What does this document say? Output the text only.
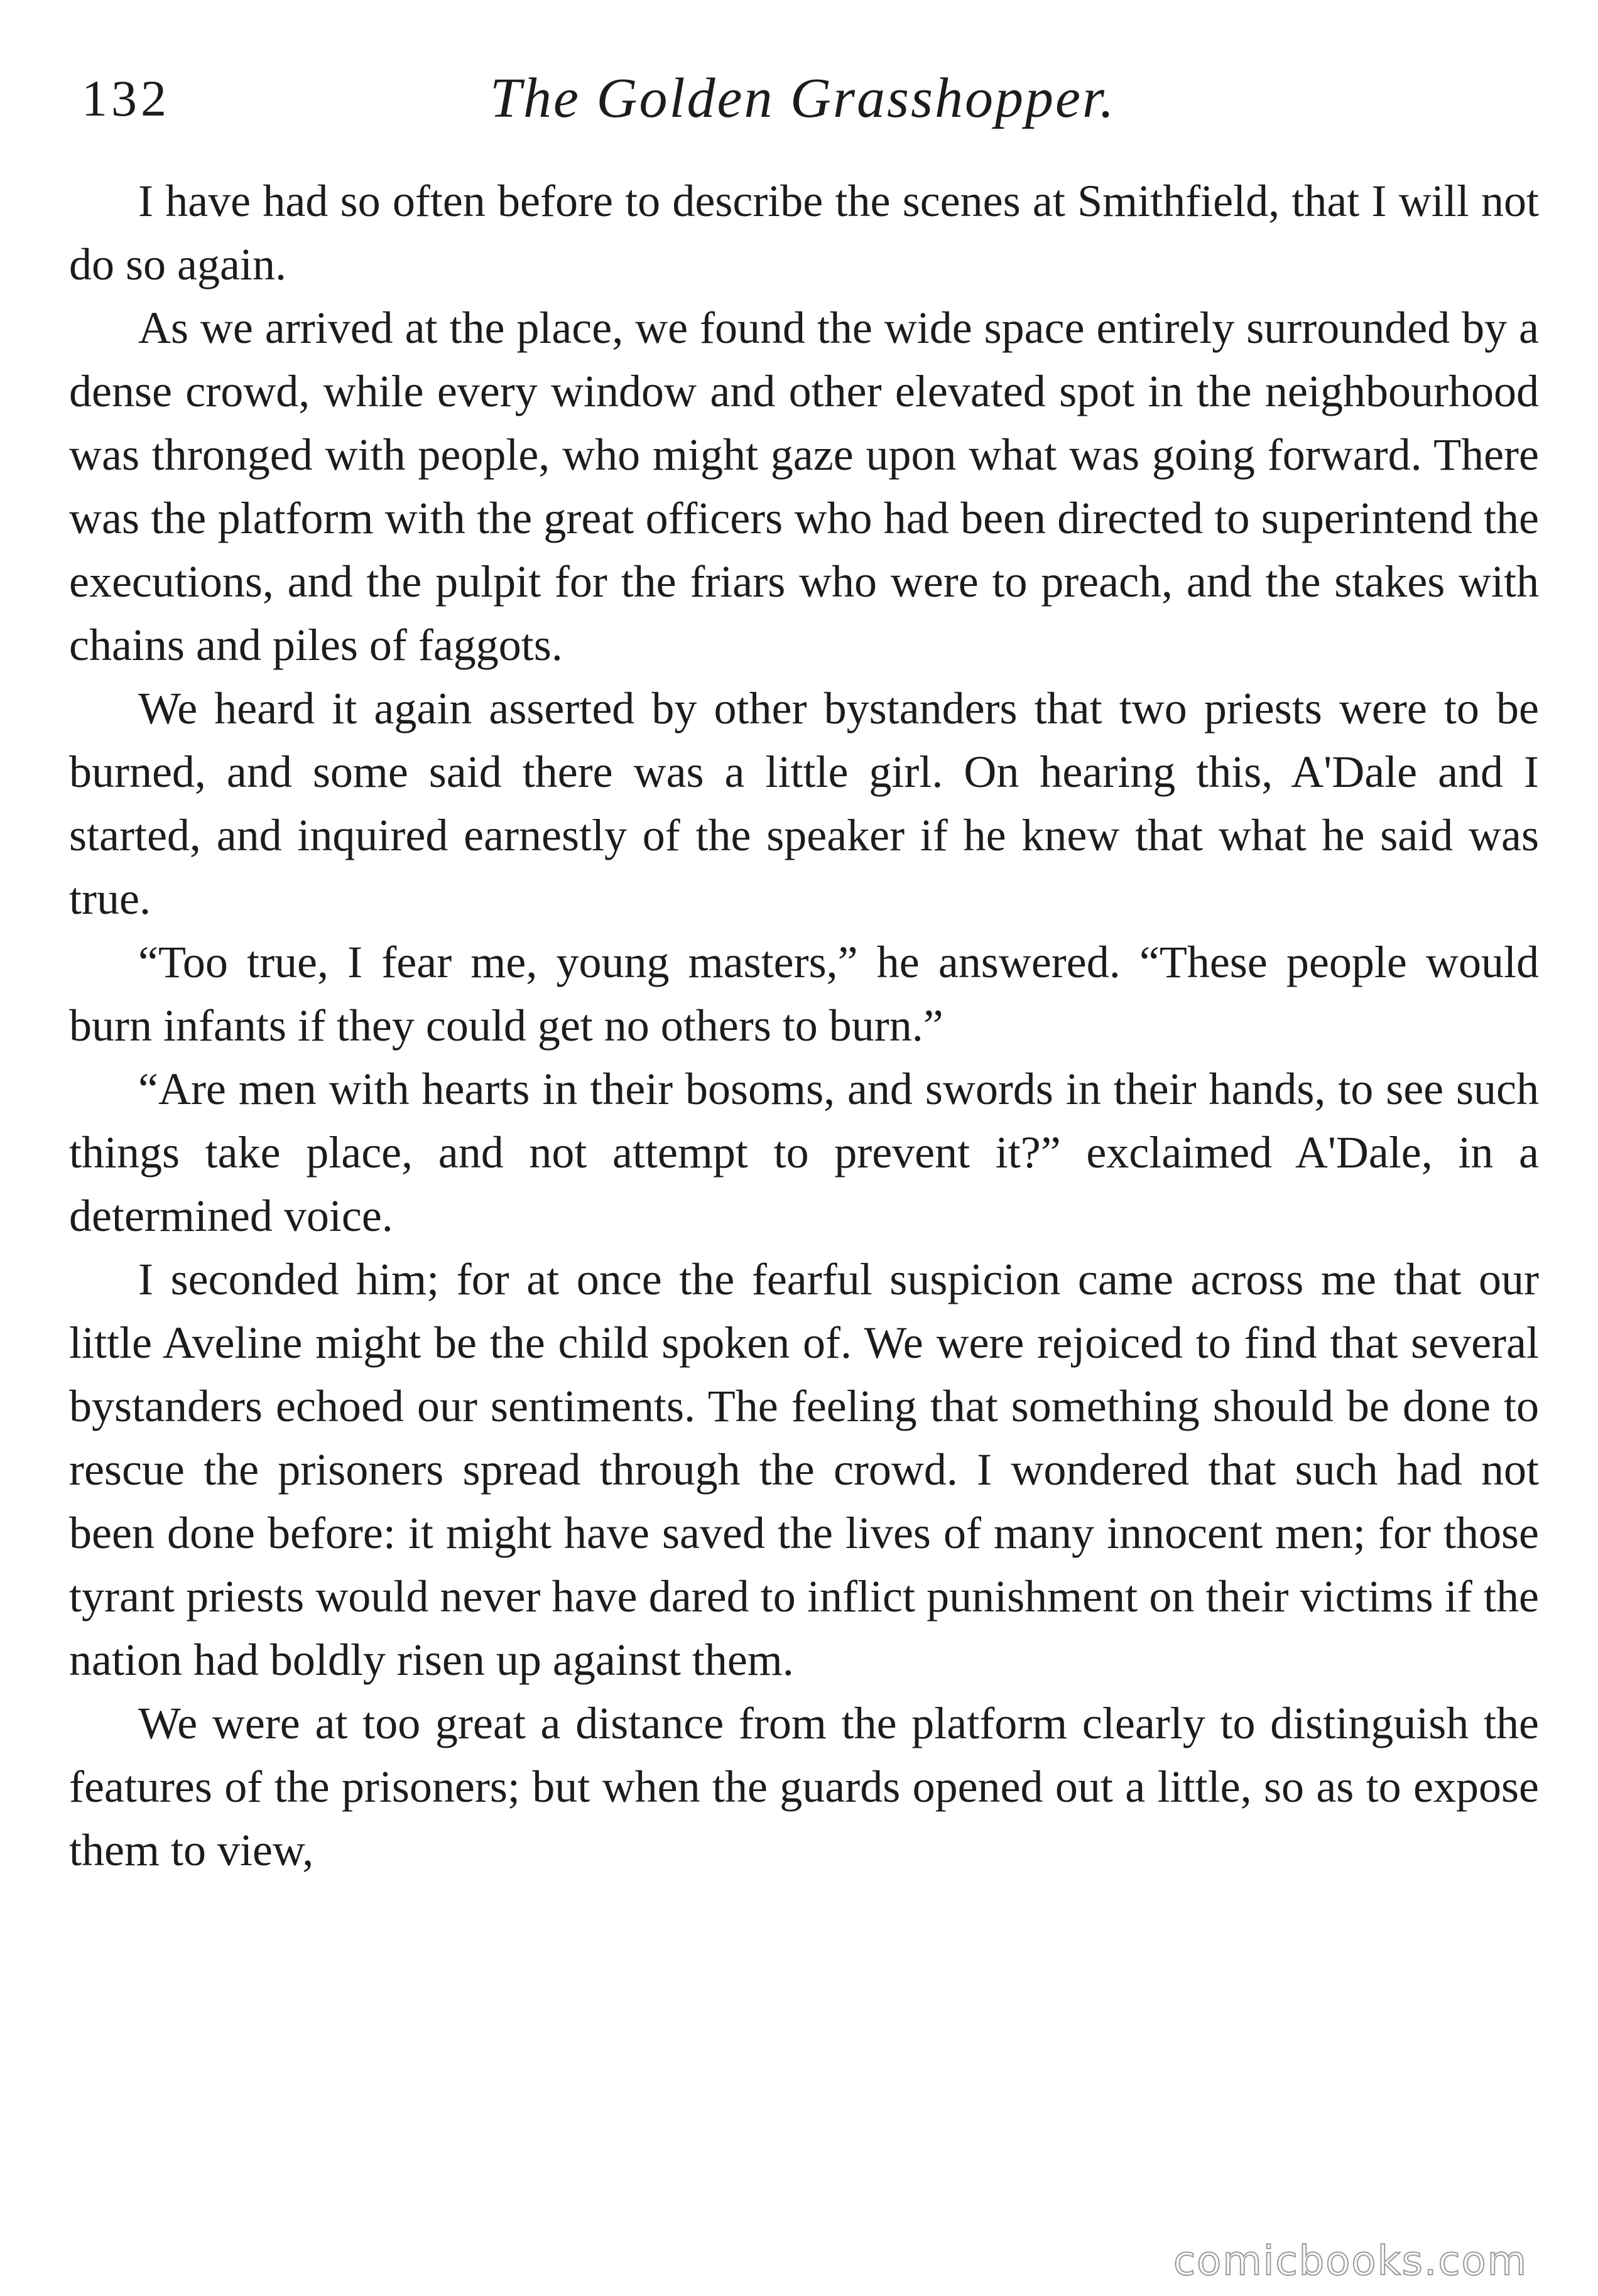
132	The Golden Grasshopper.

I have had so often before to describe the scenes at Smithfield, that I will not do so again.

As we arrived at the place, we found the wide space entirely surrounded by a dense crowd, while every window and other elevated spot in the neighbourhood was thronged with people, who might gaze upon what was going forward. There was the platform with the great officers who had been directed to superintend the executions, and the pulpit for the friars who were to preach, and the stakes with chains and piles of faggots.

We heard it again asserted by other bystanders that two priests were to be burned, and some said there was a little girl. On hearing this, A'Dale and I started, and inquired earnestly of the speaker if he knew that what he said was true.

“Too true, I fear me, young masters,” he answered. “These people would burn infants if they could get no others to burn.”

“Are men with hearts in their bosoms, and swords in their hands, to see such things take place, and not attempt to prevent it?” exclaimed A'Dale, in a determined voice.

I seconded him; for at once the fearful suspicion came across me that our little Aveline might be the child spoken of. We were rejoiced to find that several bystanders echoed our sentiments. The feeling that something should be done to rescue the prisoners spread through the crowd. I wondered that such had not been done before: it might have saved the lives of many innocent men; for those tyrant priests would never have dared to inflict punishment on their victims if the nation had boldly risen up against them.

We were at too great a distance from the platform clearly to distinguish the features of the prisoners; but when the guards opened out a little, so as to expose them to view,

comicbooks.com
